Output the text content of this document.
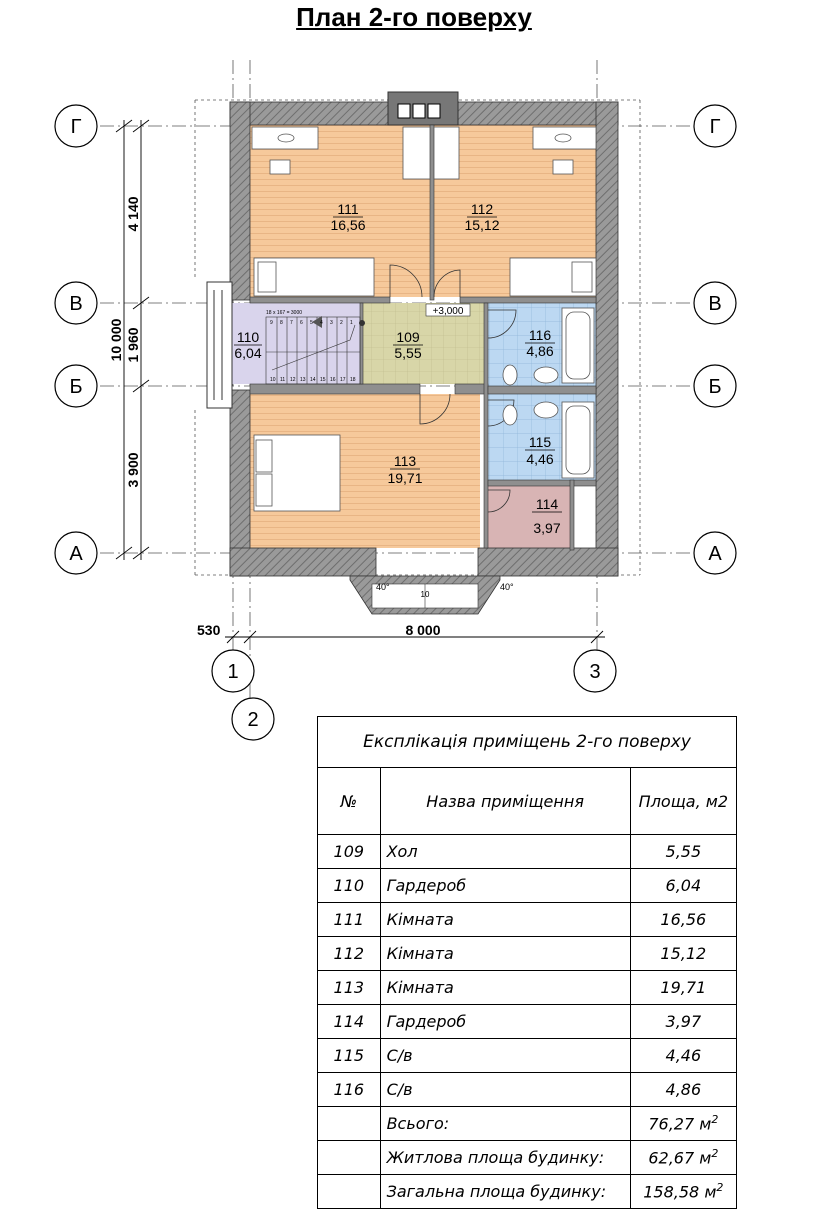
План 2-го поверху
18 x 167 = 3000
10 11 12 13 14 15 16 17 18
9 8 7 6 5 4 3 2 1
+3,000
111
16,56
112
15,12
110
6,04
109
5,55
116
4,86
113
19,71
115
4,46
114
3,97
40°	40°
10
10 000
4 140
1 960
3 900
530	8 000
Г	Г
В	В
Б	Б
А	А
1
2
3
Експлікація приміщень 2-го поверху		
№	Назва приміщення	Площа, м2
109	Хол	5,55
110	Гардероб	6,04
111	Кімната	16,56
112	Кімната	15,12
113	Кімната	19,71
114	Гардероб	3,97
115	С/в	4,46
116	С/в	4,86
	Всього:	76,27 $м^2$
	Житлова площа будинку:	62,67 $м^2$
	Загальна площа будинку:	158,58 $м^2$
